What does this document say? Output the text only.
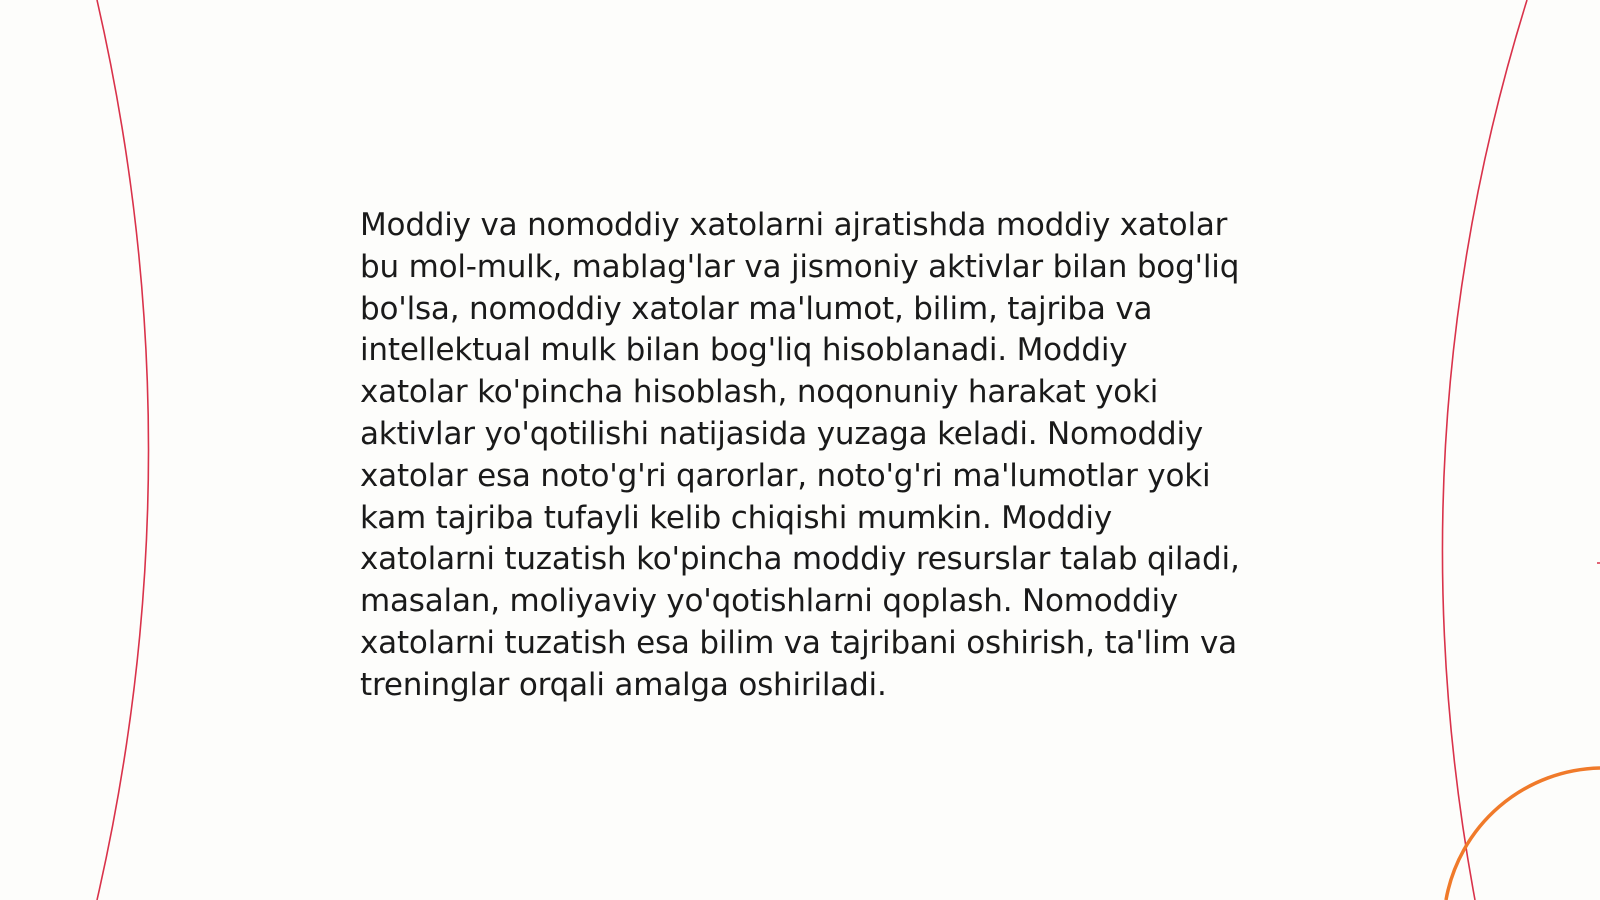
Moddiy va nomoddiy xatolarni ajratishda moddiy xatolar bu mol-mulk, mablag'lar va jismoniy aktivlar bilan bog'liq bo'lsa, nomoddiy xatolar ma'lumot, bilim, tajriba va intellektual mulk bilan bog'liq hisoblanadi. Moddiy xatolar ko'pincha hisoblash, noqonuniy harakat yoki aktivlar yo'qotilishi natijasida yuzaga keladi. Nomoddiy xatolar esa noto'g'ri qarorlar, noto'g'ri ma'lumotlar yoki kam tajriba tufayli kelib chiqishi mumkin. Moddiy xatolarni tuzatish ko'pincha moddiy resurslar talab qiladi, masalan, moliyaviy yo'qotishlarni qoplash. Nomoddiy xatolarni tuzatish esa bilim va tajribani oshirish, ta'lim va treninglar orqali amalga oshiriladi.
